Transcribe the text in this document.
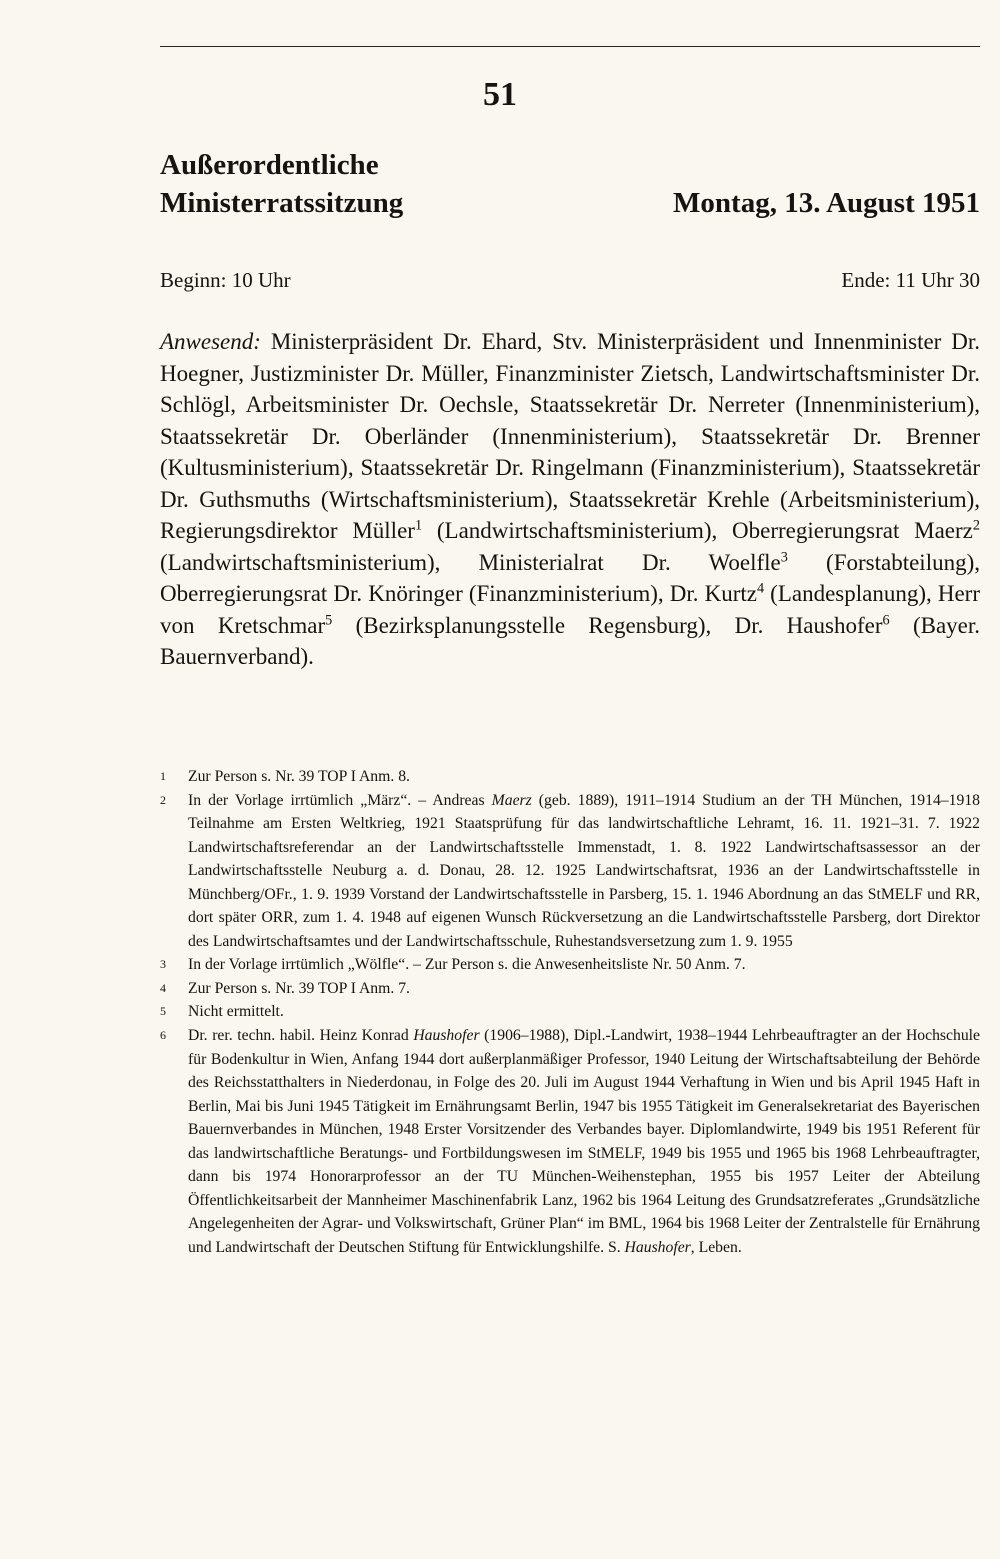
51
Außerordentliche
Ministerratssitzung	Montag, 13. August 1951
Beginn: 10 Uhr	Ende: 11 Uhr 30

Anwesend: Ministerpräsident Dr. Ehard, Stv. Ministerpräsident und Innenminister Dr. Hoegner, Justizminister Dr. Müller, Finanzminister Zietsch, Landwirtschaftsminister Dr. Schlögl, Arbeitsminister Dr. Oechsle, Staatssekretär Dr. Nerreter (Innenministerium), Staatssekretär Dr. Oberländer (Innenministerium), Staatssekretär Dr. Brenner (Kultusministerium), Staatssekretär Dr. Ringelmann (Finanzministerium), Staatssekretär Dr. Guthsmuths (Wirtschaftsministerium), Staatssekretär Krehle (Arbeitsministerium), Regierungsdirektor Müller$^1$ (Landwirtschaftsministerium), Oberregierungsrat Maerz$^2$ (Landwirtschaftsministerium), Ministerialrat Dr. Woelfle$^3$ (Forstabteilung), Oberregierungsrat Dr. Knöringer (Finanzministerium), Dr. Kurtz$^4$ (Landesplanung), Herr von Kretschmar$^5$ (Bezirksplanungsstelle Regensburg), Dr. Haushofer$^6$ (Bayer. Bauernverband).

1 Zur Person s. Nr. 39 TOP I Anm. 8.
2 In der Vorlage irrtümlich „März“. – Andreas Maerz (geb. 1889), 1911–1914 Studium an der TH München, 1914–1918 Teilnahme am Ersten Weltkrieg, 1921 Staatsprüfung für das landwirtschaftliche Lehramt, 16. 11. 1921–31. 7. 1922 Landwirtschaftsreferendar an der Landwirtschaftsstelle Immenstadt, 1. 8. 1922 Landwirtschaftsassessor an der Landwirtschaftsstelle Neuburg a. d. Donau, 28. 12. 1925 Landwirtschaftsrat, 1936 an der Landwirtschaftsstelle in Münchberg/OFr., 1. 9. 1939 Vorstand der Landwirtschaftsstelle in Parsberg, 15. 1. 1946 Abordnung an das StMELF und RR, dort später ORR, zum 1. 4. 1948 auf eigenen Wunsch Rückversetzung an die Landwirtschaftsstelle Parsberg, dort Direktor des Landwirtschaftsamtes und der Landwirtschaftsschule, Ruhestandsversetzung zum 1. 9. 1955
3 In der Vorlage irrtümlich „Wölfle“. – Zur Person s. die Anwesenheitsliste Nr. 50 Anm. 7.
4 Zur Person s. Nr. 39 TOP I Anm. 7.
5 Nicht ermittelt.
6 Dr. rer. techn. habil. Heinz Konrad Haushofer (1906–1988), Dipl.-Landwirt, 1938–1944 Lehrbeauftragter an der Hochschule für Bodenkultur in Wien, Anfang 1944 dort außerplanmäßiger Professor, 1940 Leitung der Wirtschaftsabteilung der Behörde des Reichsstatthalters in Niederdonau, in Folge des 20. Juli im August 1944 Verhaftung in Wien und bis April 1945 Haft in Berlin, Mai bis Juni 1945 Tätigkeit im Ernährungsamt Berlin, 1947 bis 1955 Tätigkeit im Generalsekretariat des Bayerischen Bauernverbandes in München, 1948 Erster Vorsitzender des Verbandes bayer. Diplomlandwirte, 1949 bis 1951 Referent für das landwirtschaftliche Beratungs- und Fortbildungswesen im StMELF, 1949 bis 1955 und 1965 bis 1968 Lehrbeauftragter, dann bis 1974 Honorarprofessor an der TU München-Weihenstephan, 1955 bis 1957 Leiter der Abteilung Öffentlichkeitsarbeit der Mannheimer Maschinenfabrik Lanz, 1962 bis 1964 Leitung des Grundsatzreferates „Grundsätzliche Angelegenheiten der Agrar- und Volkswirtschaft, Grüner Plan“ im BML, 1964 bis 1968 Leiter der Zentralstelle für Ernährung und Landwirtschaft der Deutschen Stiftung für Entwicklungshilfe. S. Haushofer, Leben.
